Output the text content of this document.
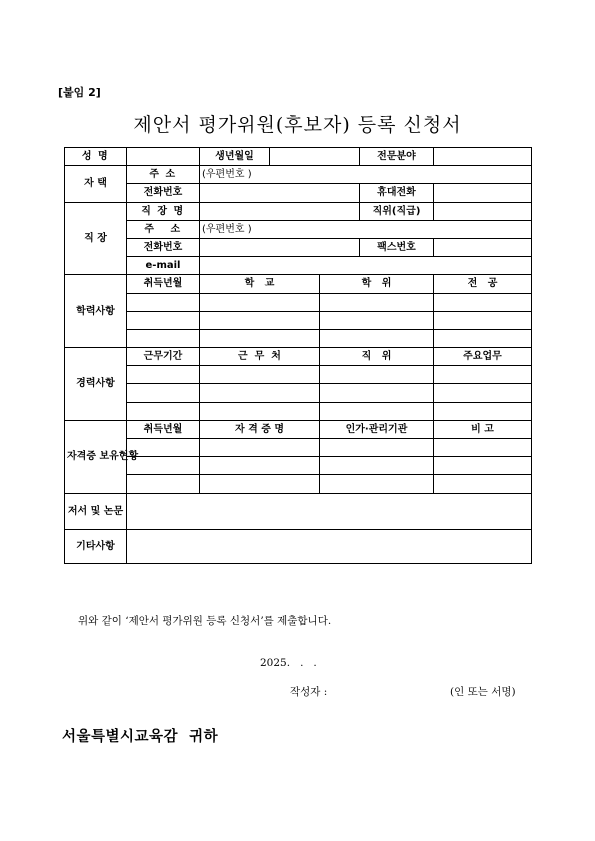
[붙임 2]
제안서 평가위원(후보자) 등록 신청서
성 명		생년월일			전문분야	
자 택	주 소	(우편번호 )				
	전화번호				휴대전화	
직 장	직 장 명				직위(직급)	
	주   소	(우편번호 )				
	전화번호				팩스번호	
	e-mail					
학력사항	취득년월	학   교		학   위		전   공

경력사항	근무기간	근  무  처		직   위		주요업무

자격증 보유현황	취득년월	자 격 증 명		인가·관리기관		비 고

저서 및 논문						
기타사항						
위와 같이 ‘제안서 평가위원 등록 신청서’를 제출합니다.
2025.   .   .
작성자 :	(인 또는 서명)
서울특별시교육감  귀하
